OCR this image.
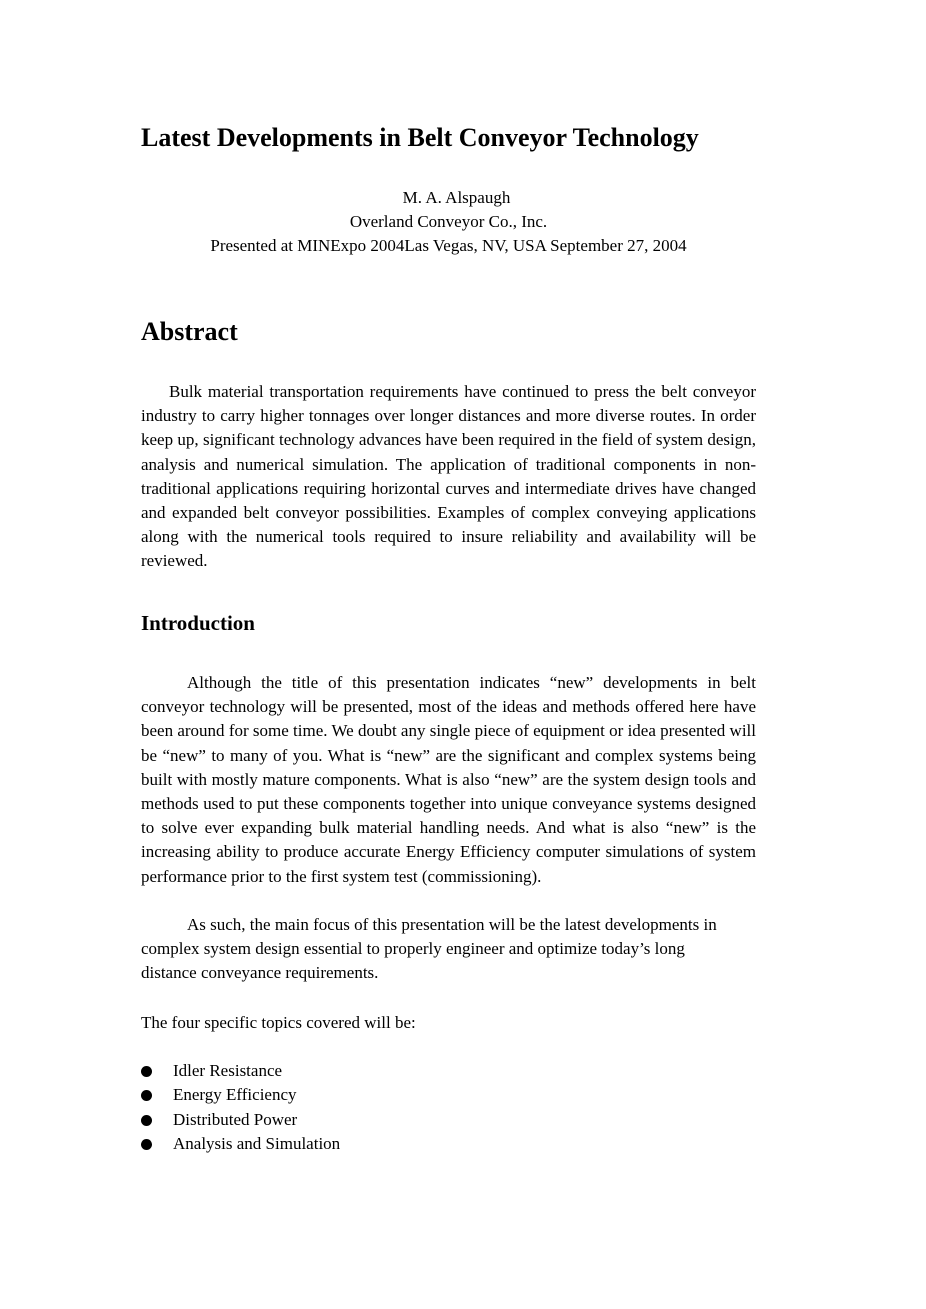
Latest Developments in Belt Conveyor Technology
M. A. Alspaugh
Overland Conveyor Co., Inc.
Presented at MINExpo 2004Las Vegas, NV, USA September 27, 2004
Abstract

Bulk material transportation requirements have continued to press the belt conveyor industry to carry higher tonnages over longer distances and more diverse routes. In order keep up, significant technology advances have been required in the field of system design, analysis and numerical simulation. The application of traditional components in non-traditional applications requiring horizontal curves and intermediate drives have changed and expanded belt conveyor possibilities. Examples of complex conveying applications along with the numerical tools required to insure reliability and availability will be reviewed.

Introduction

Although the title of this presentation indicates “new” developments in belt conveyor technology will be presented, most of the ideas and methods offered here have been around for some time. We doubt any single piece of equipment or idea presented will be “new” to many of you. What is “new” are the significant and complex systems being built with mostly mature components. What is also “new” are the system design tools and methods used to put these components together into unique conveyance systems designed to solve ever expanding bulk material handling needs. And what is also “new” is the increasing ability to produce accurate Energy Efficiency computer simulations of system performance prior to the first system test (commissioning).

As such, the main focus of this presentation will be the latest developments in complex system design essential to properly engineer and optimize today’s longdistance conveyance requirements.

The four specific topics covered will be:

Idler Resistance
Energy Efficiency
Distributed Power
Analysis and Simulation
